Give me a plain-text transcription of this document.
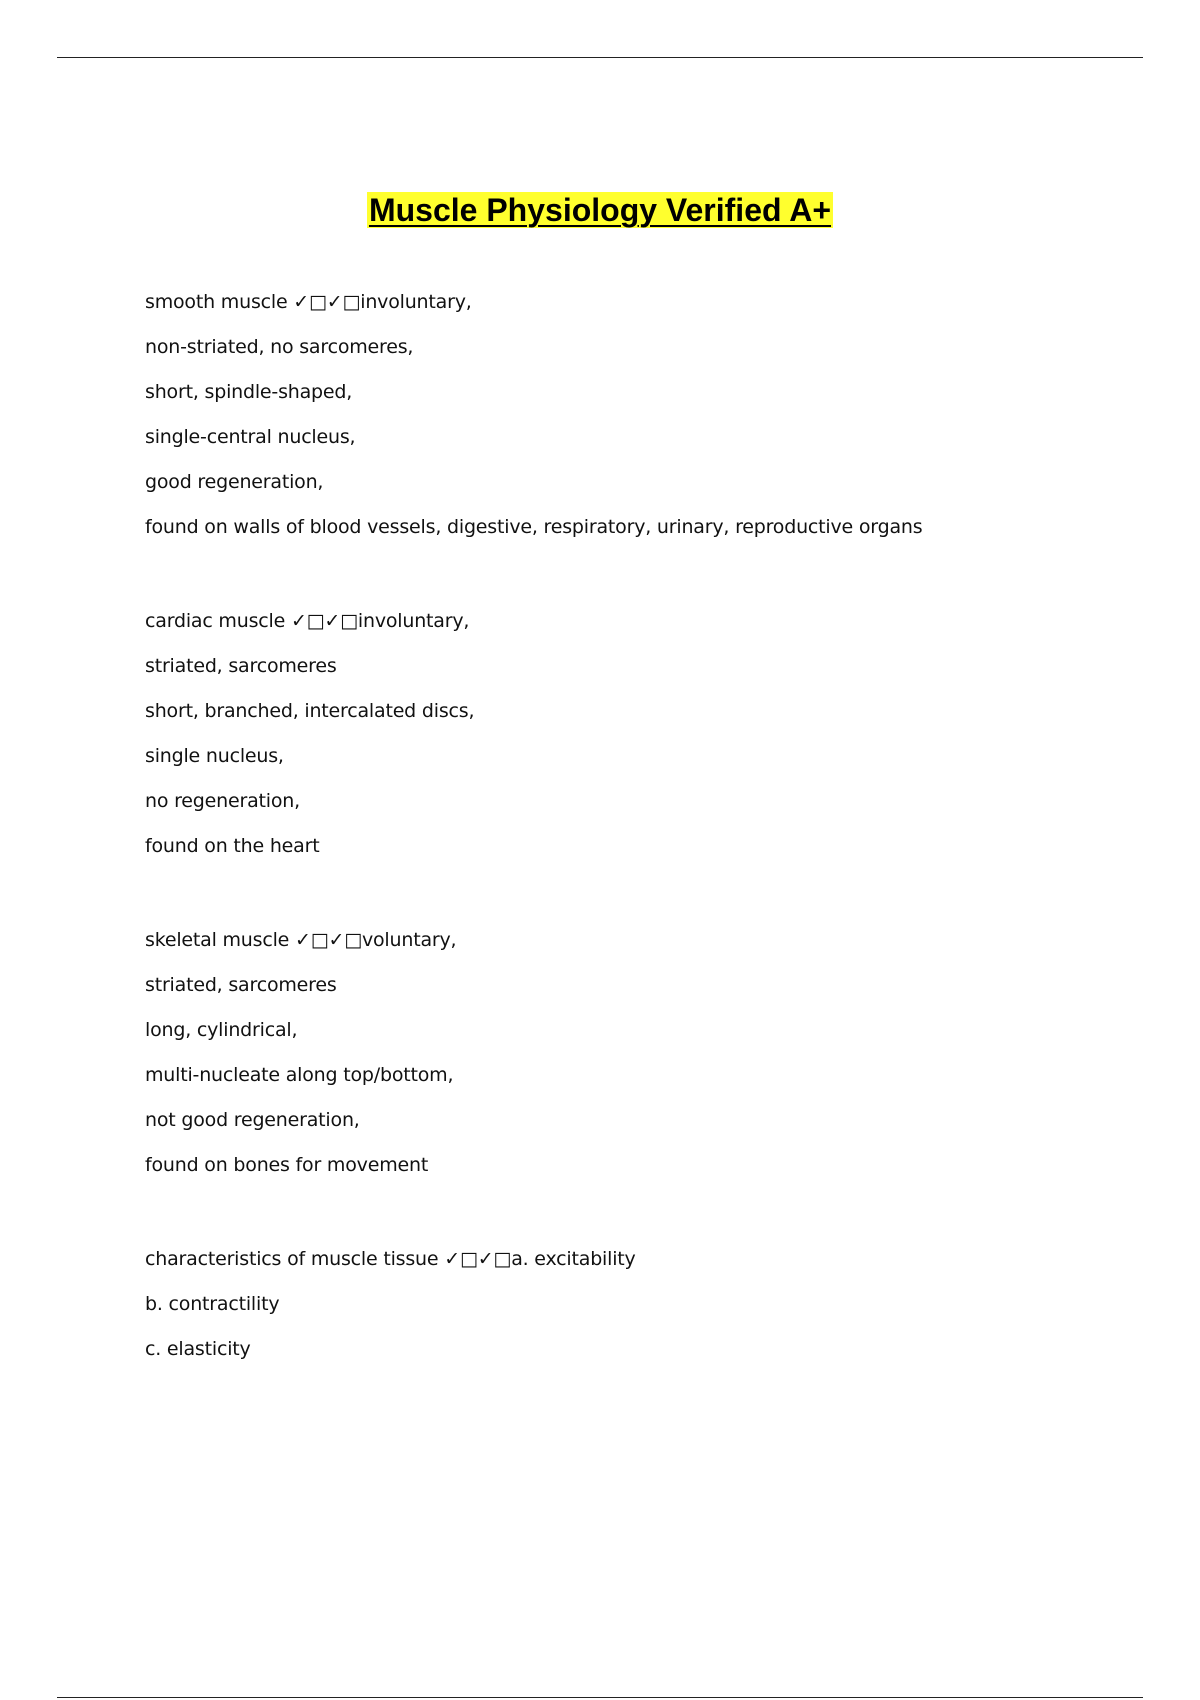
Muscle Physiology Verified A+
smooth muscle ✓□✓□involuntary,
non-striated, no sarcomeres,
short, spindle-shaped,
single-central nucleus,
good regeneration,
found on walls of blood vessels, digestive, respiratory, urinary, reproductive organs
cardiac muscle ✓□✓□involuntary,
striated, sarcomeres
short, branched, intercalated discs,
single nucleus,
no regeneration,
found on the heart
skeletal muscle ✓□✓□voluntary,
striated, sarcomeres
long, cylindrical,
multi-nucleate along top/bottom,
not good regeneration,
found on bones for movement
characteristics of muscle tissue ✓□✓□a. excitability
b. contractility
c. elasticity
